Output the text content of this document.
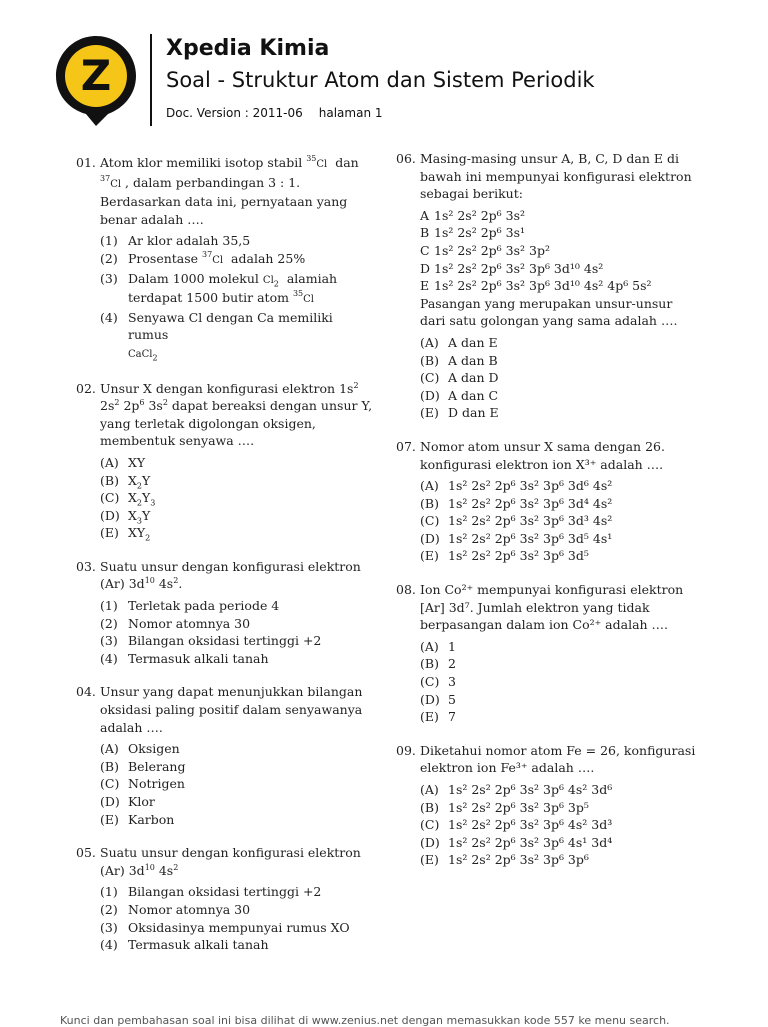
Z
Xpedia Kimia
Soal - Struktur Atom dan Sistem Periodik
Doc. Version : 2011-06 halaman 1
01. Atom klor memiliki isotop stabil $^{35}$Cl dan
$^{37}$Cl , dalam perbandingan 3 : 1. Berdasarkan data ini, pernyataan yang benar adalah ….
(1) Ar klor adalah 35,5
(2) Prosentase $^{37}$Cl adalah 25%
(3) Dalam 1000 molekul $Cl_2$ alamiah terdapat 1500 butir atom $^{35}$Cl
(4) Senyawa Cl dengan Ca memiliki rumus
CaCl$_2$
02. Unsur X dengan konfigurasi elektron $1s^2$ $2s^2$ $2p^6$ $3s^2$ dapat bereaksi dengan unsur Y, yang terletak digolongan oksigen, membentuk senyawa ….
(A) XY
(B) $X_2Y$
(C) $X_2Y_3$
(D) $X_3Y$
(E) $XY_2$
03. Suatu unsur dengan konfigurasi elektron (Ar) $3d^{10}$ $4s^2$.
(1) Terletak pada periode 4
(2) Nomor atomnya 30
(3) Bilangan oksidasi tertinggi +2
(4) Termasuk alkali tanah
04. Unsur yang dapat menunjukkan bilangan oksidasi paling positif dalam senyawanya adalah ….
(A) Oksigen
(B) Belerang
(C) Notrigen
(D) Klor
(E) Karbon
05. Suatu unsur dengan konfigurasi elektron (Ar) $3d^{10}$ $4s^2$
(1) Bilangan oksidasi tertinggi +2
(2) Nomor atomnya 30
(3) Oksidasinya mempunyai rumus XO
(4) Termasuk alkali tanah
06. Masing-masing unsur A, B, C, D dan E di bawah ini mempunyai konfigurasi elektron sebagai berikut:
A 1s² 2s² 2p⁶ 3s²
B 1s² 2s² 2p⁶ 3s¹
C 1s² 2s² 2p⁶ 3s² 3p²
D 1s² 2s² 2p⁶ 3s² 3p⁶ 3d¹⁰ 4s²
E 1s² 2s² 2p⁶ 3s² 3p⁶ 3d¹⁰ 4s² 4p⁶ 5s²
Pasangan yang merupakan unsur-unsur dari satu golongan yang sama adalah ….
(A) A dan E
(B) A dan B
(C) A dan D
(D) A dan C
(E) D dan E
07. Nomor atom unsur X sama dengan 26. konfigurasi elektron ion X³⁺ adalah ….
(A) 1s² 2s² 2p⁶ 3s² 3p⁶ 3d⁶ 4s²
(B) 1s² 2s² 2p⁶ 3s² 3p⁶ 3d⁴ 4s²
(C) 1s² 2s² 2p⁶ 3s² 3p⁶ 3d³ 4s²
(D) 1s² 2s² 2p⁶ 3s² 3p⁶ 3d⁵ 4s¹
(E) 1s² 2s² 2p⁶ 3s² 3p⁶ 3d⁵
08. Ion Co²⁺ mempunyai konfigurasi elektron [Ar] 3d⁷. Jumlah elektron yang tidak berpasangan dalam ion Co²⁺ adalah ….
(A) 1
(B) 2
(C) 3
(D) 5
(E) 7
09. Diketahui nomor atom Fe = 26, konfigurasi elektron ion Fe³⁺ adalah ….
(A) 1s² 2s² 2p⁶ 3s² 3p⁶ 4s² 3d⁶
(B) 1s² 2s² 2p⁶ 3s² 3p⁶ 3p⁵
(C) 1s² 2s² 2p⁶ 3s² 3p⁶ 4s² 3d³
(D) 1s² 2s² 2p⁶ 3s² 3p⁶ 4s¹ 3d⁴
(E) 1s² 2s² 2p⁶ 3s² 3p⁶ 3p⁶
Kunci dan pembahasan soal ini bisa dilihat di www.zenius.net dengan memasukkan kode 557 ke menu search.
